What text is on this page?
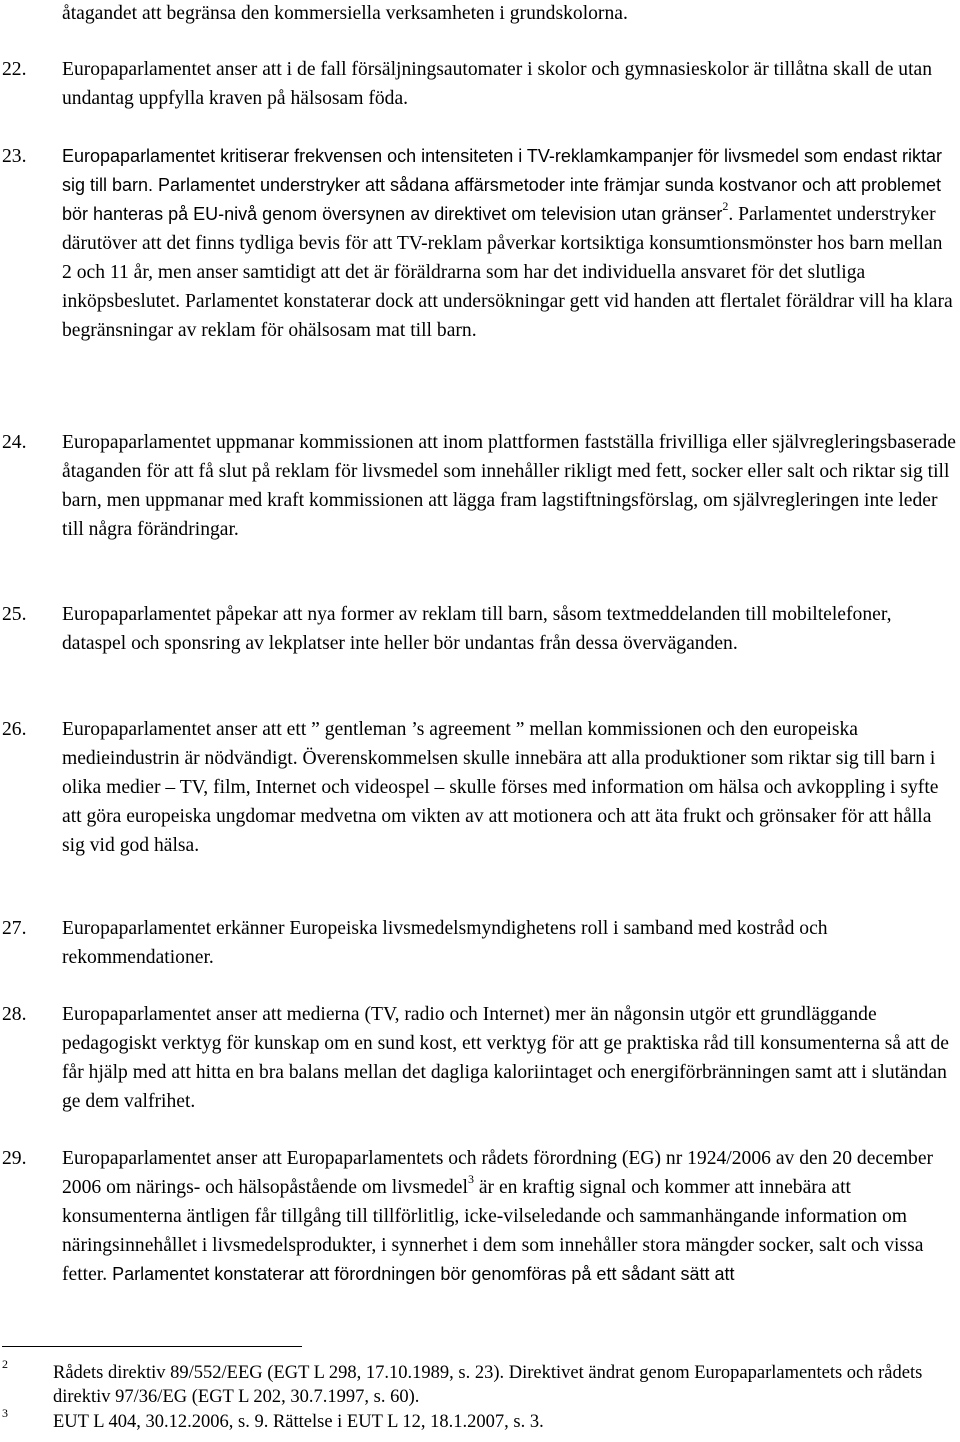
åtagandet att begränsa den kommersiella verksamheten i grundskolorna.
22. Europaparlamentet anser att i de fall försäljningsautomater i skolor och gymnasieskolor är tillåtna skall de utan undantag uppfylla kraven på hälsosam föda.
23. Europaparlamentet kritiserar frekvensen och intensiteten i TV-reklamkampanjer för livsmedel som endast riktar sig till barn. Parlamentet understryker att sådana affärsmetoder inte främjar sunda kostvanor och att problemet bör hanteras på EU-nivå genom översynen av direktivet om television utan gränser$^2$. Parlamentet understryker därutöver att det finns tydliga bevis för att TV-reklam påverkar kortsiktiga konsumtionsmönster hos barn mellan 2 och 11 år, men anser samtidigt att det är föräldrarna som har det individuella ansvaret för det slutliga inköpsbeslutet. Parlamentet konstaterar dock att undersökningar gett vid handen att flertalet föräldrar vill ha klara begränsningar av reklam för ohälsosam mat till barn.
24. Europaparlamentet uppmanar kommissionen att inom plattformen fastställa frivilliga eller självregleringsbaserade åtaganden för att få slut på reklam för livsmedel som innehåller rikligt med fett, socker eller salt och riktar sig till barn, men uppmanar med kraft kommissionen att lägga fram lagstiftningsförslag, om självregleringen inte leder till några förändringar.
25. Europaparlamentet påpekar att nya former av reklam till barn, såsom textmeddelanden till mobiltelefoner, dataspel och sponsring av lekplatser inte heller bör undantas från dessa överväganden.
26. Europaparlamentet anser att ett ” gentleman ’s agreement ” mellan kommissionen och den europeiska medieindustrin är nödvändigt. Överenskommelsen skulle innebära att alla produktioner som riktar sig till barn i olika medier – TV, film, Internet och videospel – skulle förses med information om hälsa och avkoppling i syfte att göra europeiska ungdomar medvetna om vikten av att motionera och att äta frukt och grönsaker för att hålla sig vid god hälsa.
27. Europaparlamentet erkänner Europeiska livsmedelsmyndighetens roll i samband med kostråd och rekommendationer.
28. Europaparlamentet anser att medierna (TV, radio och Internet) mer än någonsin utgör ett grundläggande pedagogiskt verktyg för kunskap om en sund kost, ett verktyg för att ge praktiska råd till konsumenterna så att de får hjälp med att hitta en bra balans mellan det dagliga kaloriintaget och energiförbränningen samt att i slutändan ge dem valfrihet.
29. Europaparlamentet anser att Europaparlamentets och rådets förordning (EG) nr 1924/2006 av den 20 december 2006 om närings- och hälsopåstående om livsmedel$^3$ är en kraftig signal och kommer att innebära att konsumenterna äntligen får tillgång till tillförlitlig, icke-vilseledande och sammanhängande information om näringsinnehållet i livsmedelsprodukter, i synnerhet i dem som innehåller stora mängder socker, salt och vissa fetter. Parlamentet konstaterar att förordningen bör genomföras på ett sådant sätt att
2 Rådets direktiv 89/552/EEG (EGT L 298, 17.10.1989, s. 23). Direktivet ändrat genom Europaparlamentets och rådets direktiv 97/36/EG (EGT L 202, 30.7.1997, s. 60).
3 EUT L 404, 30.12.2006, s. 9. Rättelse i EUT L 12, 18.1.2007, s. 3.
